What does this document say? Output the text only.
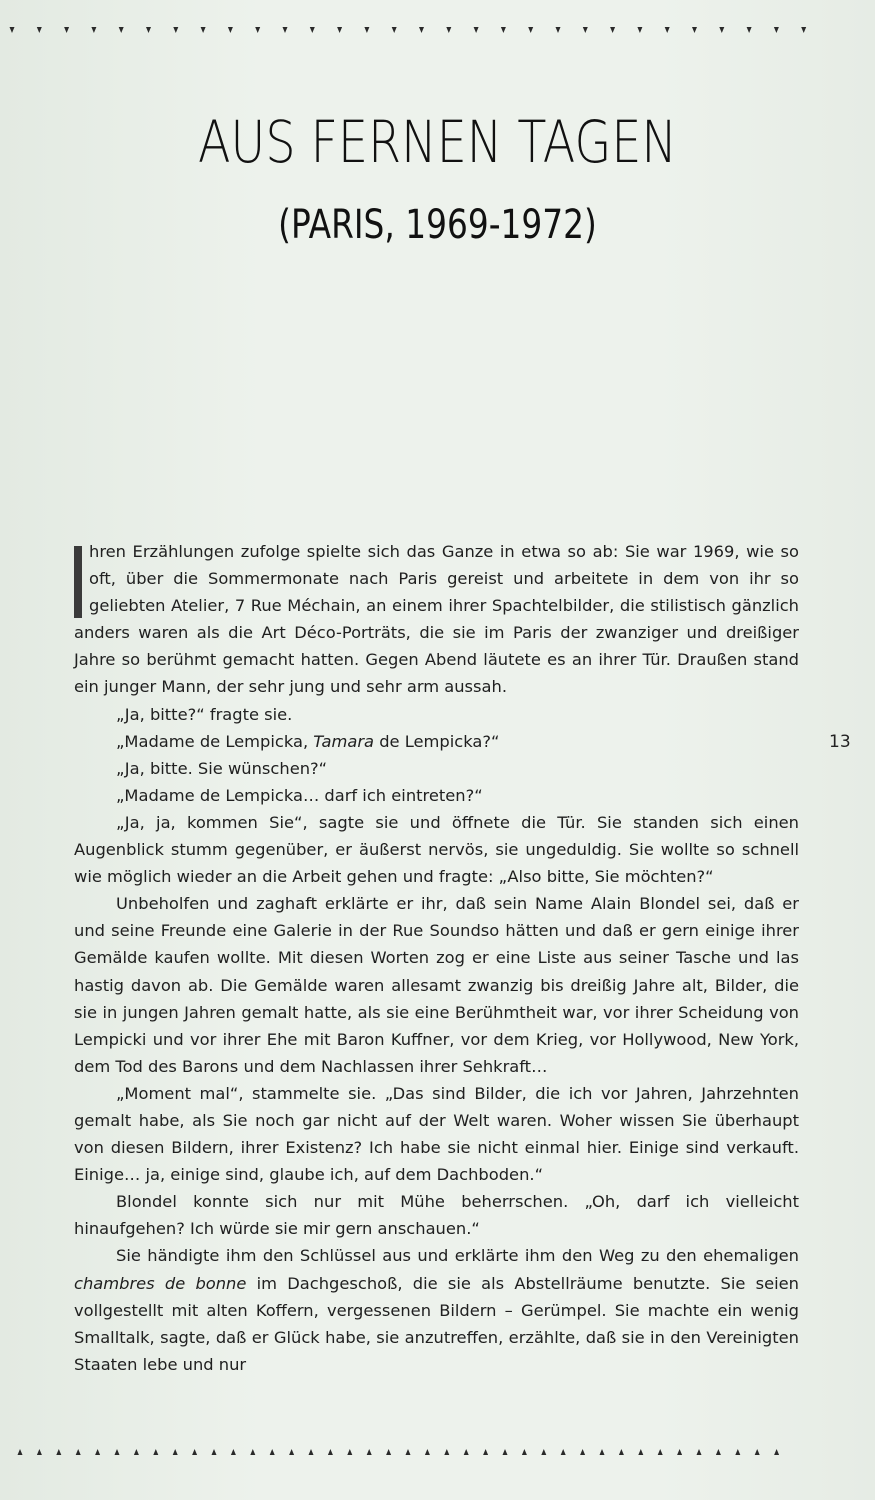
AUS FERNEN TAGEN
(PARIS, 1969-1972)

hren Erzählungen zufolge spielte sich das Ganze in etwa so ab: Sie war 1969, wie so oft, über die Sommermonate nach Paris gereist und arbeitete in dem von ihr so geliebten Atelier, 7 Rue Méchain, an einem ihrer Spachtelbilder, die stilistisch gänzlich anders waren als die Art Déco-Porträts, die sie im Paris der zwanziger und dreißiger Jahre so berühmt gemacht hatten. Gegen Abend läutete es an ihrer Tür. Draußen stand ein junger Mann, der sehr jung und sehr arm aussah.

„Ja, bitte?“ fragte sie.

„Madame de Lempicka, Tamara de Lempicka?“

„Ja, bitte. Sie wünschen?“

„Madame de Lempicka… darf ich eintreten?“

„Ja, ja, kommen Sie“, sagte sie und öffnete die Tür. Sie standen sich einen Augenblick stumm gegenüber, er äußerst nervös, sie ungeduldig. Sie wollte so schnell wie möglich wieder an die Arbeit gehen und fragte: „Also bitte, Sie möchten?“

Unbeholfen und zaghaft erklärte er ihr, daß sein Name Alain Blondel sei, daß er und seine Freunde eine Galerie in der Rue Soundso hätten und daß er gern einige ihrer Gemälde kaufen wollte. Mit diesen Worten zog er eine Liste aus seiner Tasche und las hastig davon ab. Die Gemälde waren allesamt zwanzig bis dreißig Jahre alt, Bilder, die sie in jungen Jahren gemalt hatte, als sie eine Berühmtheit war, vor ihrer Scheidung von Lempicki und vor ihrer Ehe mit Baron Kuffner, vor dem Krieg, vor Hollywood, New York, dem Tod des Barons und dem Nachlassen ihrer Sehkraft…

„Moment mal“, stammelte sie. „Das sind Bilder, die ich vor Jahren, Jahrzehnten gemalt habe, als Sie noch gar nicht auf der Welt waren. Woher wissen Sie überhaupt von diesen Bildern, ihrer Existenz? Ich habe sie nicht einmal hier. Einige sind verkauft. Einige… ja, einige sind, glaube ich, auf dem Dachboden.“

Blondel konnte sich nur mit Mühe beherrschen. „Oh, darf ich vielleicht hinaufgehen? Ich würde sie mir gern anschauen.“

Sie händigte ihm den Schlüssel aus und erklärte ihm den Weg zu den ehemaligen chambres de bonne im Dachgeschoß, die sie als Abstellräume benutzte. Sie seien vollgestellt mit alten Koffern, vergessenen Bildern – Gerümpel. Sie machte ein wenig Smalltalk, sagte, daß er Glück habe, sie anzutreffen, erzählte, daß sie in den Vereinigten Staaten lebe und nur

13
